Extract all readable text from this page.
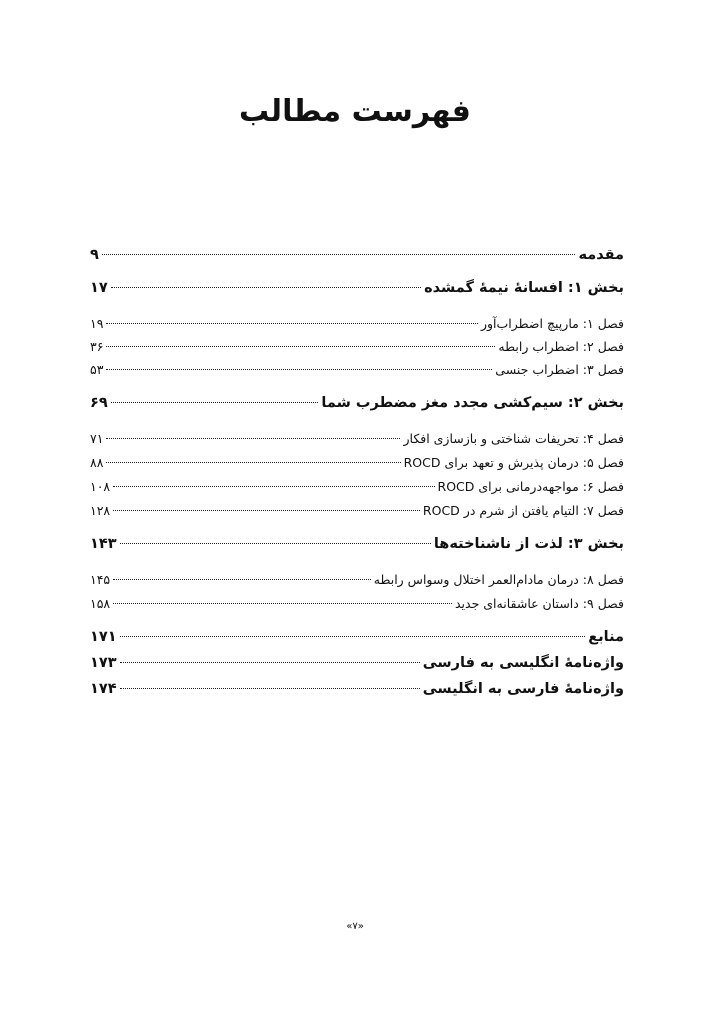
فهرست مطالب
مقدمه
۹
بخش ۱: افسانۀ نیمۀ گمشده
۱۷
فصل ۱: مارپیچ اضطراب‌آور
۱۹
فصل ۲: اضطراب رابطه
۳۶
فصل ۳: اضطراب جنسی
۵۳
بخش ۲: سیم‌کشی مجدد مغز مضطرب شما
۶۹
فصل ۴: تحریفات شناختی و بازسازی افکار
۷۱
فصل ۵: درمان پذیرش و تعهد برای ROCD
۸۸
فصل ۶: مواجهه‌درمانی برای ROCD
۱۰۸
فصل ۷: التیام یافتن از شرم در ROCD
۱۲۸
بخش ۳: لذت از ناشناخته‌ها
۱۴۳
فصل ۸: درمان مادام‌العمر اختلال وسواس رابطه
۱۴۵
فصل ۹: داستان عاشقانه‌ای جدید
۱۵۸
منابع
۱۷۱
واژه‌نامۀ انگلیسی به فارسی
۱۷۳
واژه‌نامۀ فارسی به انگلیسی
۱۷۴
«۷»
